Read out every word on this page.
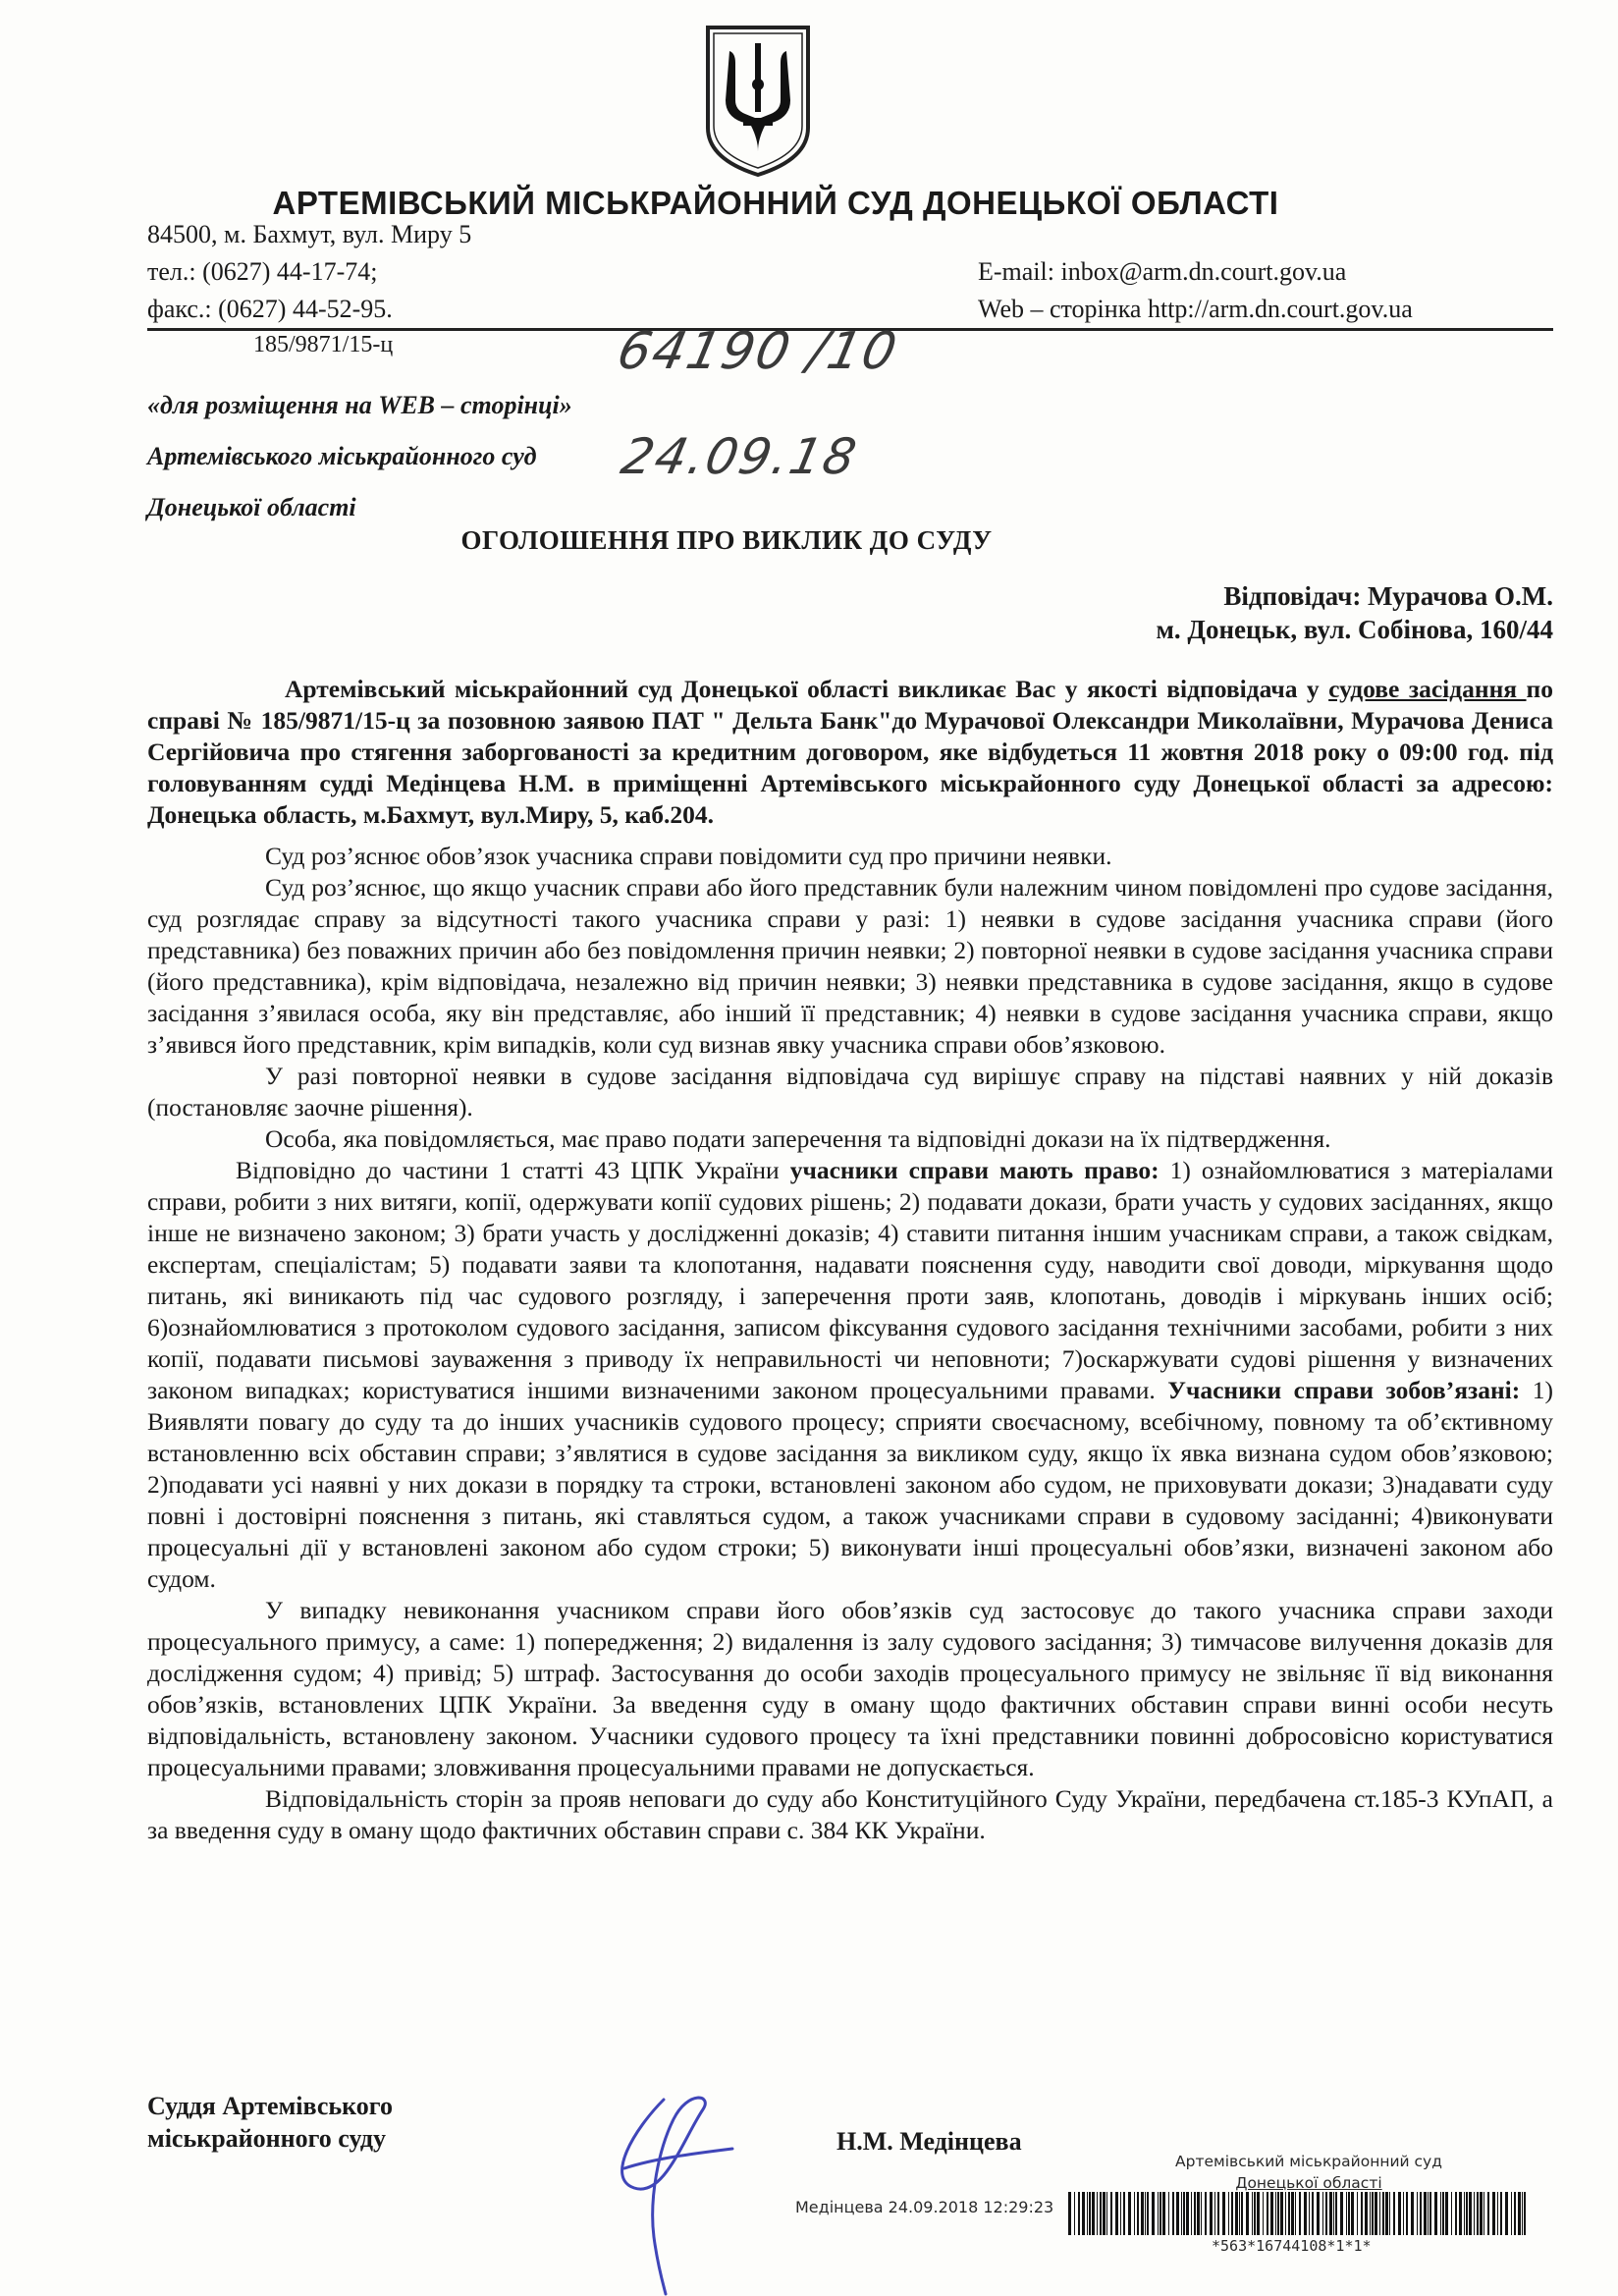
АРТЕМІВСЬКИЙ МІСЬКРАЙОННИЙ СУД ДОНЕЦЬКОЇ ОБЛАСТІ
84500, м. Бахмут, вул. Миру 5
тел.: (0627) 44-17-74;
факс.: (0627) 44-52-95.
E-mail: inbox@arm.dn.court.gov.ua
Web – сторінка http://arm.dn.court.gov.ua
185/9871/15-ц	64190 /10
24.09.18
«для розміщення на WEB – сторінці»
Артемівського міськрайонного суд
Донецької області
ОГОЛОШЕННЯ ПРО ВИКЛИК ДО СУДУ
Відповідач: Мурачова О.М.
м. Донецьк, вул. Собінова, 160/44

Артемівський міськрайонний суд Донецької області викликає Вас у якості відповідача у судове засідання по справі № 185/9871/15-ц за позовною заявою ПАТ " Дельта Банк"до Мурачової Олександри Миколаївни, Мурачова Дениса Сергійовича про стягення заборгованості за кредитним договором, яке відбудеться 11 жовтня 2018 року о 09:00 год. під головуванням судді Медінцева Н.М. в приміщенні Артемівського міськрайонного суду Донецької області за адресою: Донецька область, м.Бахмут, вул.Миру, 5, каб.204.

Суд роз’яснює обов’язок учасника справи повідомити суд про причини неявки.

Суд роз’яснює, що якщо учасник справи або його представник були належним чином повідомлені про судове засідання, суд розглядає справу за відсутності такого учасника справи у разі: 1) неявки в судове засідання учасника справи (його представника) без поважних причин або без повідомлення причин неявки; 2) повторної неявки в судове засідання учасника справи (його представника), крім відповідача, незалежно від причин неявки; 3) неявки представника в судове засідання, якщо в судове засідання з’явилася особа, яку він представляє, або інший її представник; 4) неявки в судове засідання учасника справи, якщо з’явився його представник, крім випадків, коли суд визнав явку учасника справи обов’язковою.

У разі повторної неявки в судове засідання відповідача суд вирішує справу на підставі наявних у ній доказів (постановляє заочне рішення).

Особа, яка повідомляється, має право подати заперечення та відповідні докази на їх підтвердження.

Відповідно до частини 1 статті 43 ЦПК України учасники справи мають право: 1) ознайомлюватися з матеріалами справи, робити з них витяги, копії, одержувати копії судових рішень; 2) подавати докази, брати участь у судових засіданнях, якщо інше не визначено законом; 3) брати участь у дослідженні доказів; 4) ставити питання іншим учасникам справи, а також свідкам, експертам, спеціалістам; 5) подавати заяви та клопотання, надавати пояснення суду, наводити свої доводи, міркування щодо питань, які виникають під час судового розгляду, і заперечення проти заяв, клопотань, доводів і міркувань інших осіб; 6)ознайомлюватися з протоколом судового засідання, записом фіксування судового засідання технічними засобами, робити з них копії, подавати письмові зауваження з приводу їх неправильності чи неповноти; 7)оскаржувати судові рішення у визначених законом випадках; користуватися іншими визначеними законом процесуальними правами. Учасники справи зобов’язані: 1) Виявляти повагу до суду та до інших учасників судового процесу; сприяти своєчасному, всебічному, повному та об’єктивному встановленню всіх обставин справи; з’являтися в судове засідання за викликом суду, якщо їх явка визнана судом обов’язковою; 2)подавати усі наявні у них докази в порядку та строки, встановлені законом або судом, не приховувати докази; 3)надавати суду повні і достовірні пояснення з питань, які ставляться судом, а також учасниками справи в судовому засіданні; 4)виконувати процесуальні дії у встановлені законом або судом строки; 5) виконувати інші процесуальні обов’язки, визначені законом або судом.

У випадку невиконання учасником справи його обов’язків суд застосовує до такого учасника справи заходи процесуального примусу, а саме: 1) попередження; 2) видалення із залу судового засідання; 3) тимчасове вилучення доказів для дослідження судом; 4) привід; 5) штраф. Застосування до особи заходів процесуального примусу не звільняє її від виконання обов’язків, встановлених ЦПК України. За введення суду в оману щодо фактичних обставин справи винні особи несуть відповідальність, встановлену законом. Учасники судового процесу та їхні представники повинні добросовісно користуватися процесуальними правами; зловживання процесуальними правами не допускається.

Відповідальність сторін за прояв неповаги до суду або Конституційного Суду України, передбачена ст.185-3 КУпАП, а за введення суду в оману щодо фактичних обставин справи с. 384 КК України.

Суддя Артемівського
міськрайонного суду	Н.М. Медінцева
Артемівський міськрайонний суд
Донецької області
Медінцева 24.09.2018 12:29:23
*563*16744108*1*1*
